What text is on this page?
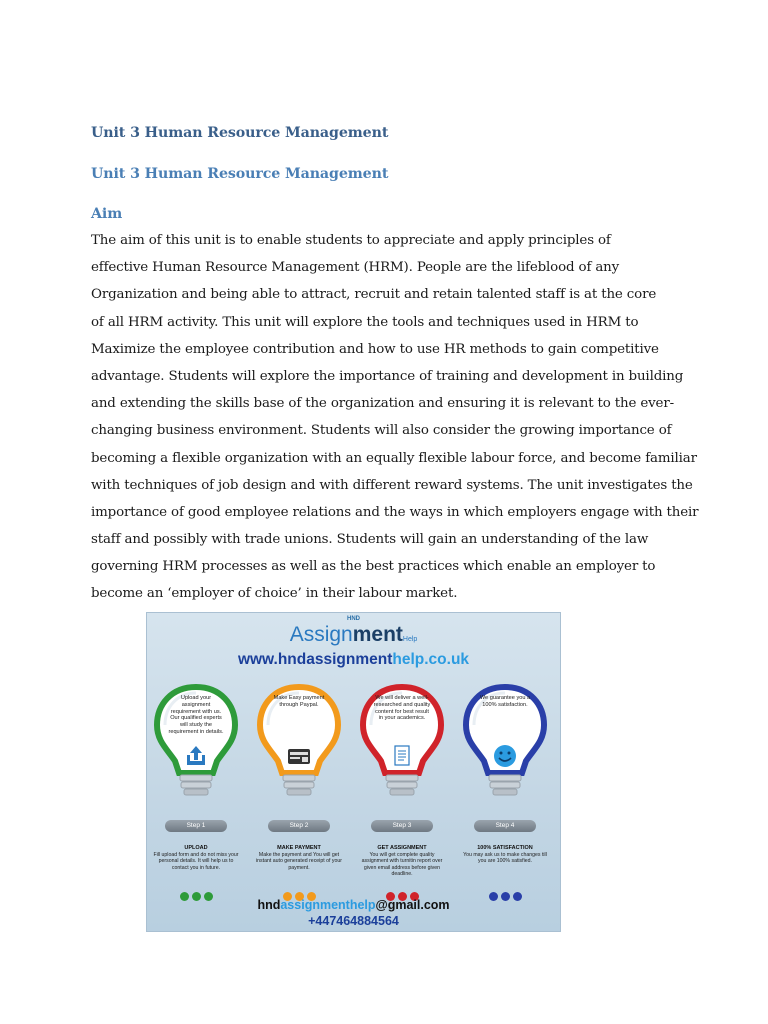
Unit 3 Human Resource Management
Unit 3 Human Resource Management
Aim
The aim of this unit is to enable students to appreciate and apply principles of
effective Human Resource Management (HRM). People are the lifeblood of any
Organization and being able to attract, recruit and retain talented staff is at the core
of all HRM activity. This unit will explore the tools and techniques used in HRM to
Maximize the employee contribution and how to use HR methods to gain competitive
advantage. Students will explore the importance of training and development in building
and extending the skills base of the organization and ensuring it is relevant to the ever-
changing business environment. Students will also consider the growing importance of
becoming a flexible organization with an equally flexible labour force, and become familiar
with techniques of job design and with different reward systems. The unit investigates the
importance of good employee relations and the ways in which employers engage with their
staff and possibly with trade unions. Students will gain an understanding of the law
governing HRM processes as well as the best practices which enable an employer to
become an ‘employer of choice’ in their labour market.
HND
AssignmentHelp
www.hndassignmenthelp.co.uk
Upload your assignment requirement with us. Our qualified experts will study the requirement in details.
Step 1
UPLOAD
Fill upload form and do not miss your personal details. It will help us to contact you in future.
Make Easy payment through Paypal.
Step 2
MAKE PAYMENT
Make the payment and You will get instant auto generated receipt of your payment.
We will deliver a well-researched and quality content for best result in your academics.
Step 3
GET ASSIGNMENT
You will get complete quality assignment with turnitin report over given email address before given deadline.
We guarantee you a 100% satisfaction.
Step 4
100% SATISFACTION
You may ask us to make changes till you are 100% satisfied.
hndassignmenthelp@gmail.com
+447464884564
